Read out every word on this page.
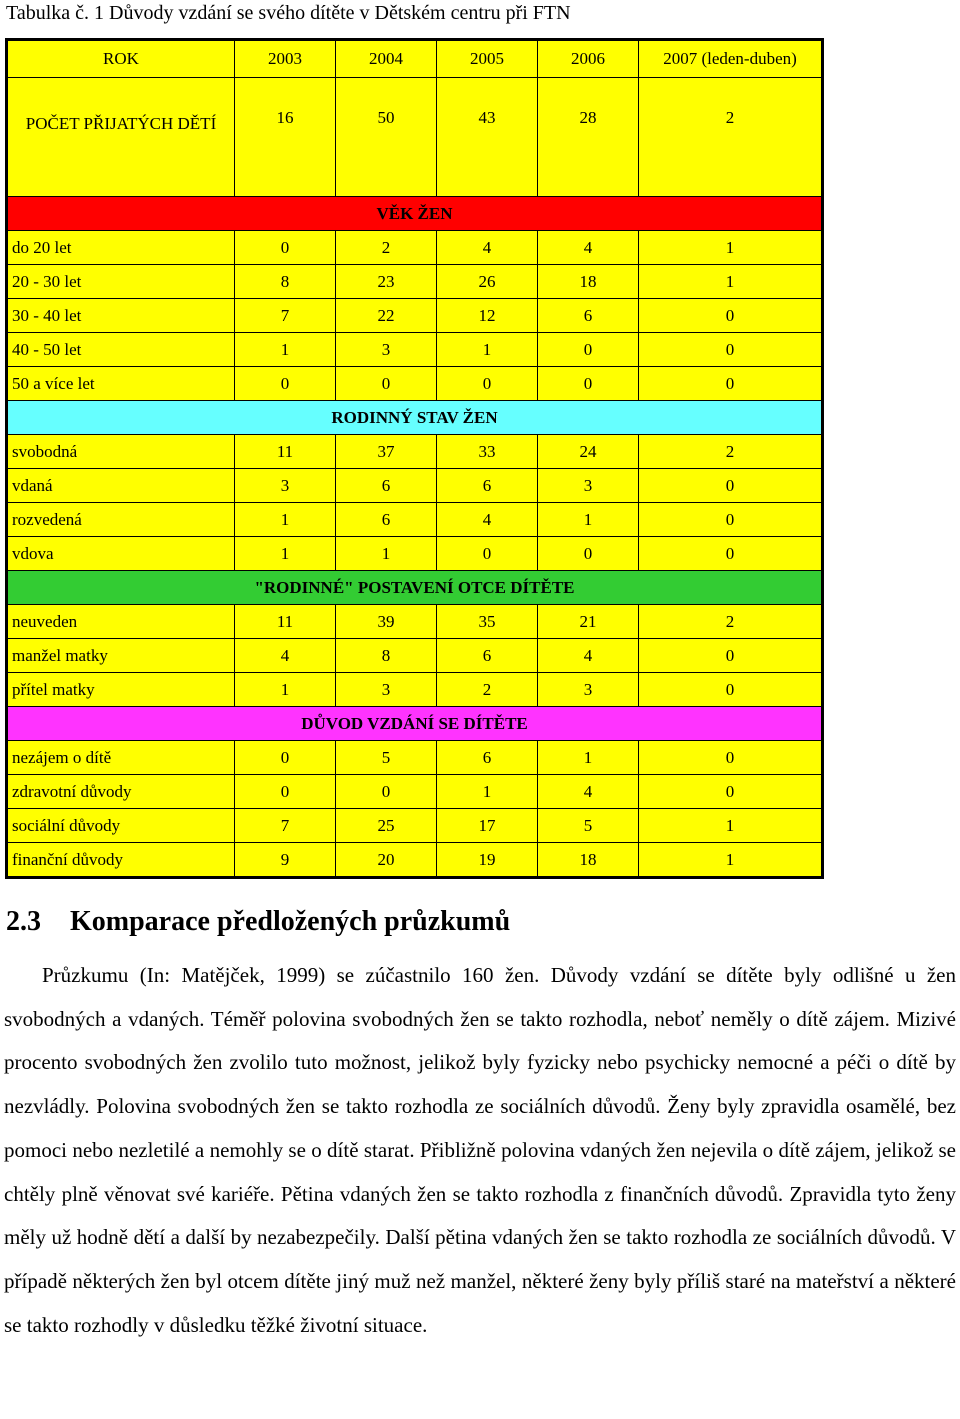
Tabulka č. 1 Důvody vzdání se svého dítěte v Dětském centru při FTN
ROK	2003	2004	2005	2006	2007 (leden-duben)
POČET PŘIJATÝCH DĚTÍ	16	50	43	28	2
VĚK ŽEN					
do 20 let	0	2	4	4	1
20 - 30 let	8	23	26	18	1
30 - 40 let	7	22	12	6	0
40 - 50 let	1	3	1	0	0
50 a více let	0	0	0	0	0
RODINNÝ STAV ŽEN					
svobodná	11	37	33	24	2
vdaná	3	6	6	3	0
rozvedená	1	6	4	1	0
vdova	1	1	0	0	0
"RODINNÉ" POSTAVENÍ OTCE DÍTĚTE					
neuveden	11	39	35	21	2
manžel matky	4	8	6	4	0
přítel matky	1	3	2	3	0
DŮVOD VZDÁNÍ SE DÍTĚTE					
nezájem o dítě	0	5	6	1	0
zdravotní důvody	0	0	1	4	0
sociální důvody	7	25	17	5	1
finanční důvody	9	20	19	18	1
2.3 Komparace předložených průzkumů
Průzkumu (In: Matějček, 1999) se zúčastnilo 160 žen. Důvody vzdání se dítěte byly odlišné u žen svobodných a vdaných. Téměř polovina svobodných žen se takto rozhodla, neboť neměly o dítě zájem. Mizivé procento svobodných žen zvolilo tuto možnost, jelikož byly fyzicky nebo psychicky nemocné a péči o dítě by nezvládly. Polovina svobodných žen se takto rozhodla ze sociálních důvodů. Ženy byly zpravidla osamělé, bez pomoci nebo nezletilé a nemohly se o dítě starat. Přibližně polovina vdaných žen nejevila o dítě zájem, jelikož se chtěly plně věnovat své kariéře. Pětina vdaných žen se takto rozhodla z finančních důvodů. Zpravidla tyto ženy měly už hodně dětí a další by nezabezpečily. Další pětina vdaných žen se takto rozhodla ze sociálních důvodů. V případě některých žen byl otcem dítěte jiný muž než manžel, některé ženy byly příliš staré na mateřství a některé se takto rozhodly v důsledku těžké životní situace.
